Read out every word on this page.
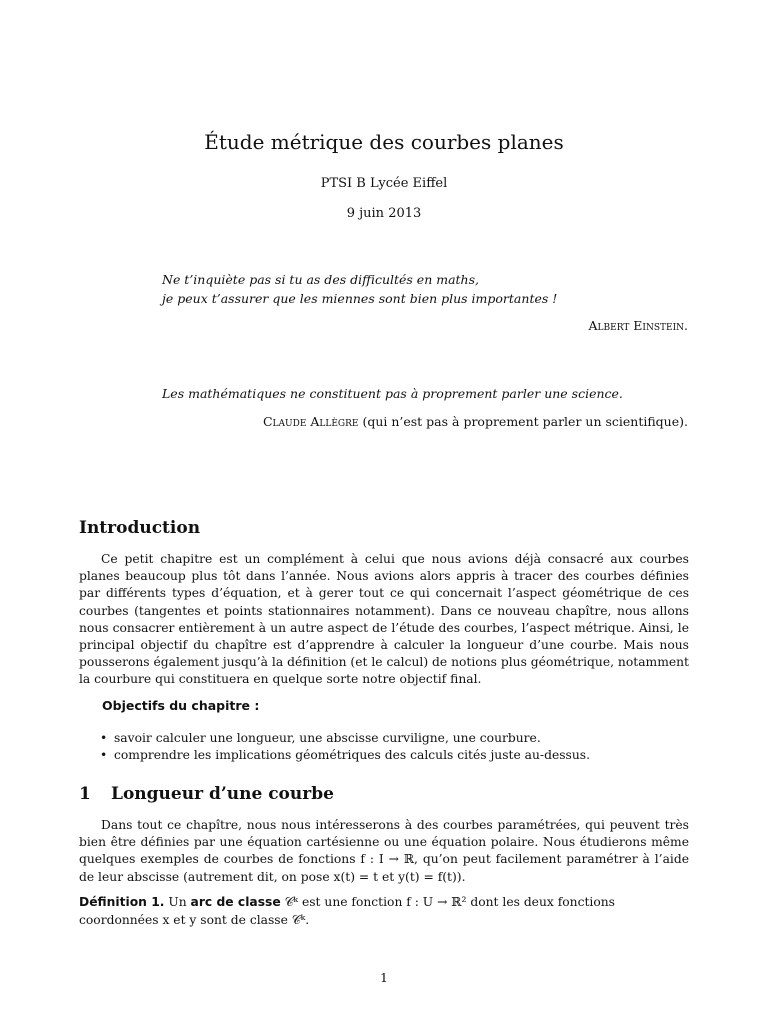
Étude métrique des courbes planes
PTSI B Lycée Eiffel
9 juin 2013
Ne t’inquiète pas si tu as des difficultés en maths,
je peux t’assurer que les miennes sont bien plus importantes !
Albert Einstein.
Les mathématiques ne constituent pas à proprement parler une science.
Claude Allègre (qui n’est pas à proprement parler un scientifique).
Introduction
Ce petit chapitre est un complément à celui que nous avions déjà consacré aux courbes planes beaucoup plus tôt dans l’année. Nous avions alors appris à tracer des courbes définies par différents types d’équation, et à gerer tout ce qui concernait l’aspect géométrique de ces courbes (tangentes et points stationnaires notamment). Dans ce nouveau chapître, nous allons nous consacrer entièrement à un autre aspect de l’étude des courbes, l’aspect métrique. Ainsi, le principal objectif du chapître est d’apprendre à calculer la longueur d’une courbe. Mais nous pousserons également jusqu’à la définition (et le calcul) de notions plus géométrique, notamment la courbure qui constituera en quelque sorte notre objectif final.
Objectifs du chapitre :
• savoir calculer une longueur, une abscisse curviligne, une courbure.
• comprendre les implications géométriques des calculs cités juste au-dessus.
1 Longueur d’une courbe
Dans tout ce chapître, nous nous intéresserons à des courbes paramétrées, qui peuvent très bien être définies par une équation cartésienne ou une équation polaire. Nous étudierons même quelques exemples de courbes de fonctions f : I → ℝ, qu’on peut facilement paramétrer à l’aide de leur abscisse (autrement dit, on pose x(t) = t et y(t) = f(t)).
Définition 1. Un arc de classe 𝒞ᵏ est une fonction f : U → ℝ² dont les deux fonctions coordonnées x et y sont de classe 𝒞ᵏ.
1
